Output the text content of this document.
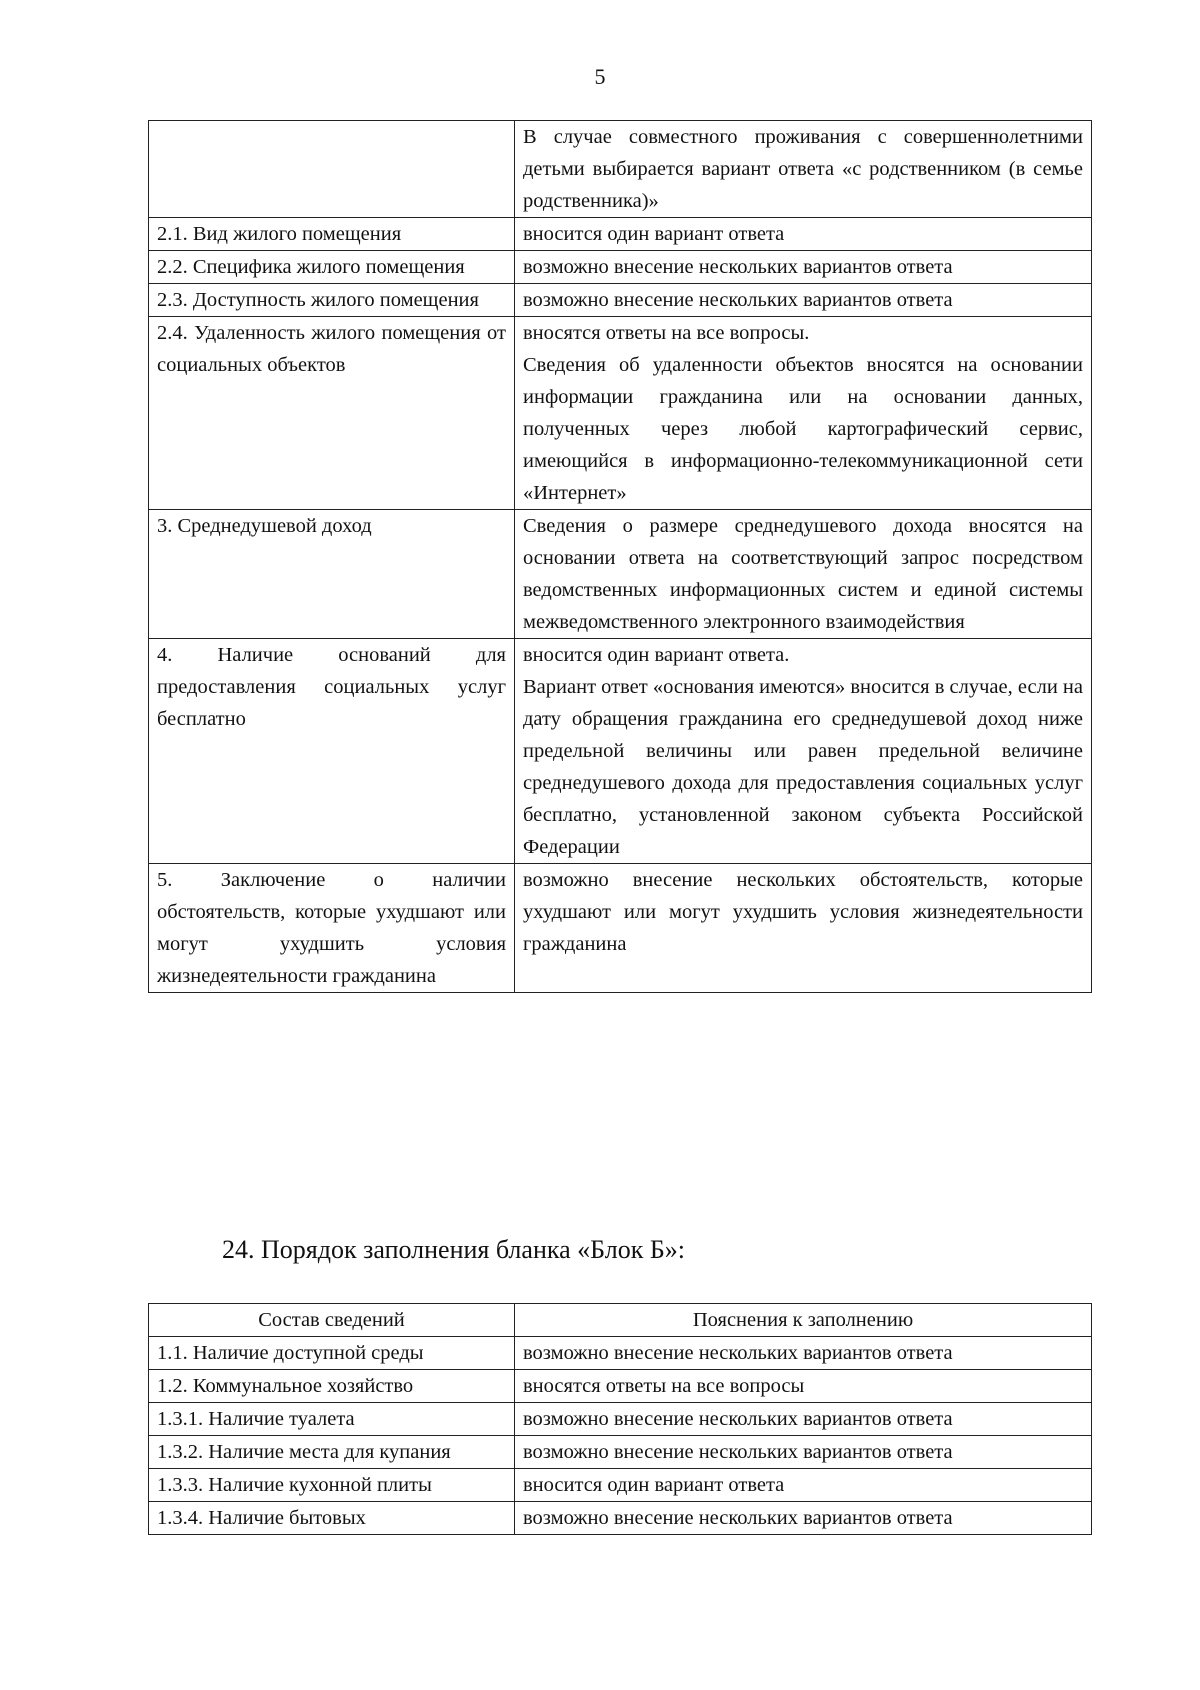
5

	В случае совместного проживания с совершеннолетними детьми выбирается вариант ответа «с родственником (в семье родственника)»

2.1. Вид жилого помещения	вносится один вариант ответа

2.2. Специфика жилого помещения	возможно внесение нескольких вариантов ответа

2.3. Доступность жилого помещения	возможно внесение нескольких вариантов ответа

2.4. Удаленность жилого помещения от социальных объектов	вносятся ответы на все вопросы.
Сведения об удаленности объектов вносятся на основании информации гражданина или на основании данных, полученных через любой картографический сервис, имеющийся в информационно-телекоммуникационной сети «Интернет»

3. Среднедушевой доход	Сведения о размере среднедушевого дохода вносятся на основании ответа на соответствующий запрос посредством ведомственных информационных систем и единой системы межведомственного электронного взаимодействия

4. Наличие оснований для предоставления социальных услуг бесплатно	вносится один вариант ответа.
Вариант ответ «основания имеются» вносится в случае, если на дату обращения гражданина его среднедушевой доход ниже предельной величины или равен предельной величине среднедушевого дохода для предоставления социальных услуг бесплатно, установленной законом субъекта Российской Федерации

5. Заключение о наличии обстоятельств, которые ухудшают или могут ухудшить условия жизнедеятельности гражданина	возможно внесение нескольких обстоятельств, которые ухудшают или могут ухудшить условия жизнедеятельности гражданина
24. Порядок заполнения бланка «Блок Б»:
Состав сведений	Пояснения к заполнению
1.1. Наличие доступной среды	возможно внесение нескольких вариантов ответа
1.2. Коммунальное хозяйство	вносятся ответы на все вопросы
1.3.1. Наличие туалета	возможно внесение нескольких вариантов ответа
1.3.2. Наличие места для купания	возможно внесение нескольких вариантов ответа
1.3.3. Наличие кухонной плиты	вносится один вариант ответа
1.3.4. Наличие бытовых	возможно внесение нескольких вариантов ответа
